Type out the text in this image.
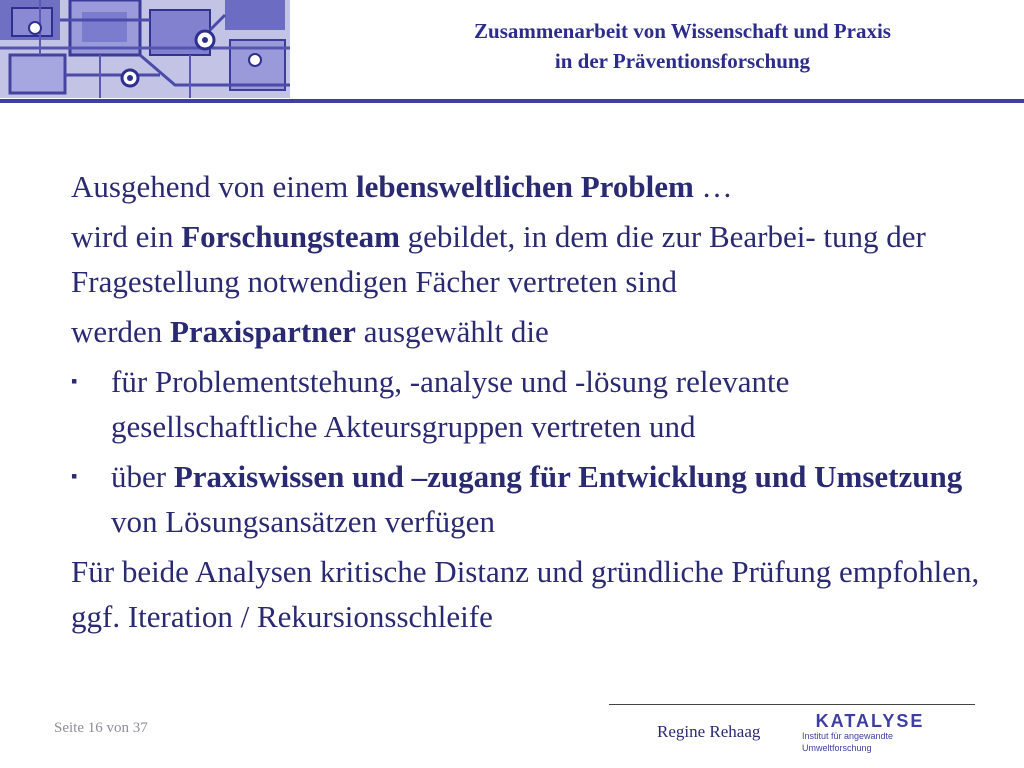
Zusammenarbeit von Wissenschaft und Praxis
in der Präventionsforschung

Ausgehend von einem lebensweltlichen Problem …

wird ein Forschungsteam gebildet, in dem die zur Bearbei- tung der Fragestellung notwendigen Fächer vertreten sind

werden Praxispartner ausgewählt die

▪ für Problementstehung, -analyse und -lösung relevante gesellschaftliche Akteursgruppen vertreten und
▪ über Praxiswissen und –zugang für Entwicklung und Umsetzung von Lösungsansätzen verfügen

Für beide Analysen kritische Distanz und gründliche Prüfung empfohlen, ggf. Iteration / Rekursionsschleife

Seite 16 von 37	Regine Rehaag
KATALYSE
Institut für angewandte Umweltforschung
